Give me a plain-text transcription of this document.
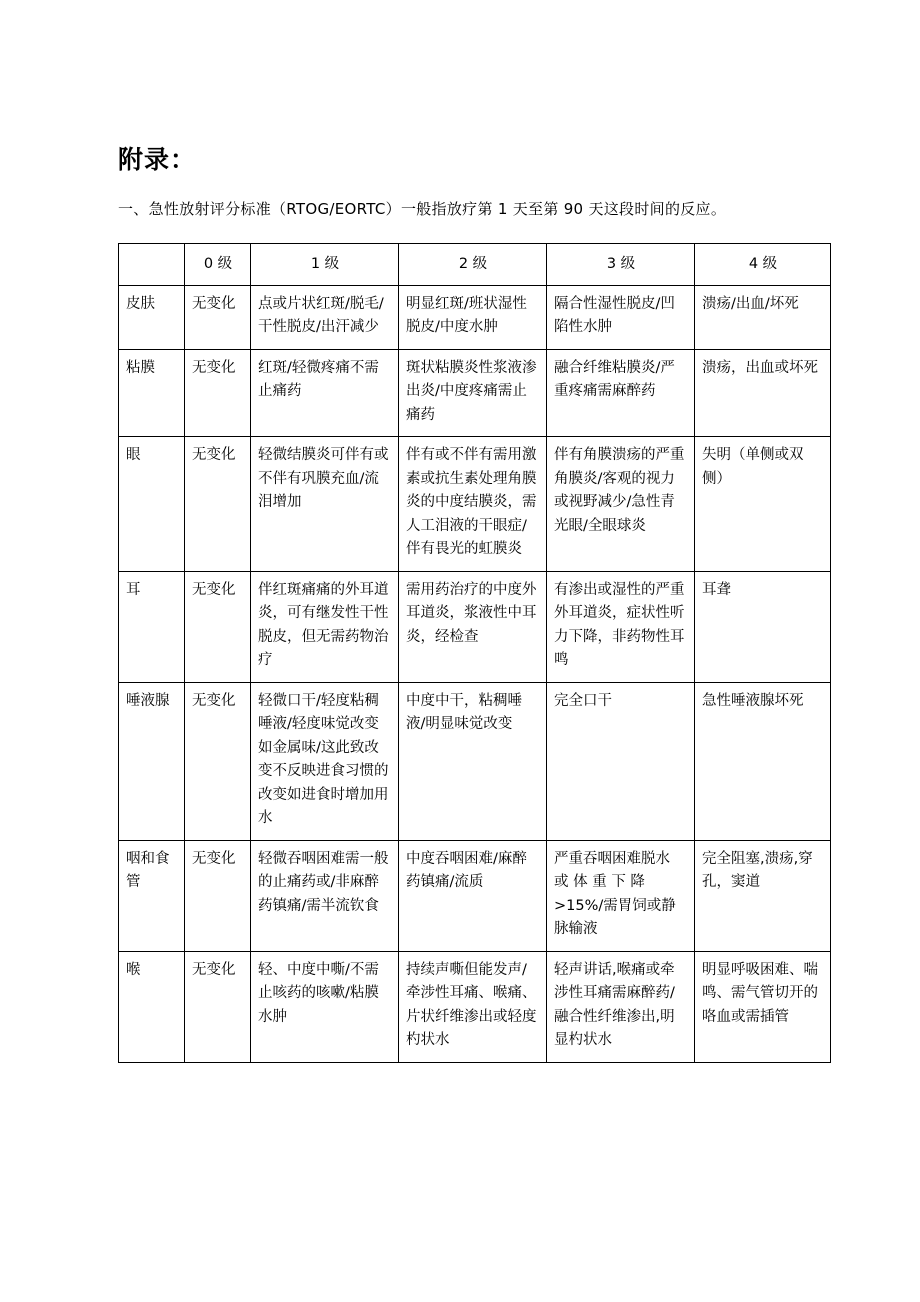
附录：

一、急性放射评分标准（RTOG/EORTC）一般指放疗第 1 天至第 90 天这段时间的反应。

	0 级	1 级	2 级	3 级	4 级
皮肤	无变化	点或片状红斑/脱毛/干性脱皮/出汗减少	明显红斑/班状湿性脱皮/中度水肿	隔合性湿性脱皮/凹陷性水肿	溃疡/出血/坏死
粘膜	无变化	红斑/轻微疼痛不需止痛药	斑状粘膜炎性浆液渗出炎/中度疼痛需止痛药	融合纤维粘膜炎/严重疼痛需麻醉药	溃疡，出血或坏死
眼	无变化	轻微结膜炎可伴有或不伴有巩膜充血/流泪增加	伴有或不伴有需用激素或抗生素处理角膜炎的中度结膜炎，需人工泪液的干眼症/伴有畏光的虹膜炎	伴有角膜溃疡的严重角膜炎/客观的视力或视野减少/急性青光眼/全眼球炎	失明（单侧或双侧）
耳	无变化	伴红斑痛痛的外耳道炎，可有继发性干性脱皮，但无需药物治疗	需用药治疗的中度外耳道炎，浆液性中耳炎，经检查	有渗出或湿性的严重外耳道炎，症状性听力下降，非药物性耳鸣	耳聋
唾液腺	无变化	轻微口干/轻度粘稠唾液/轻度味觉改变如金属味/这此致改变不反映进食习惯的改变如进食时增加用水	中度中干，粘稠唾液/明显味觉改变	完全口干	急性唾液腺坏死
咽和食管	无变化	轻微吞咽困难需一般的止痛药或/非麻醉药镇痛/需半流钦食	中度吞咽困难/麻醉药镇痛/流质	严重吞咽困难脱水 或 体 重 下 降>15%/需胃饲或静脉输液	完全阻塞,溃疡,穿孔，窦道
喉	无变化	轻、中度中嘶/不需止咳药的咳嗽/粘膜水肿	持续声嘶但能发声/牵涉性耳痛、喉痛、片状纤维渗出或轻度杓状水	轻声讲话,喉痛或牵涉性耳痛需麻醉药/融合性纤维渗出,明显杓状水	明显呼吸困难、喘鸣、需气管切开的咯血或需插管
